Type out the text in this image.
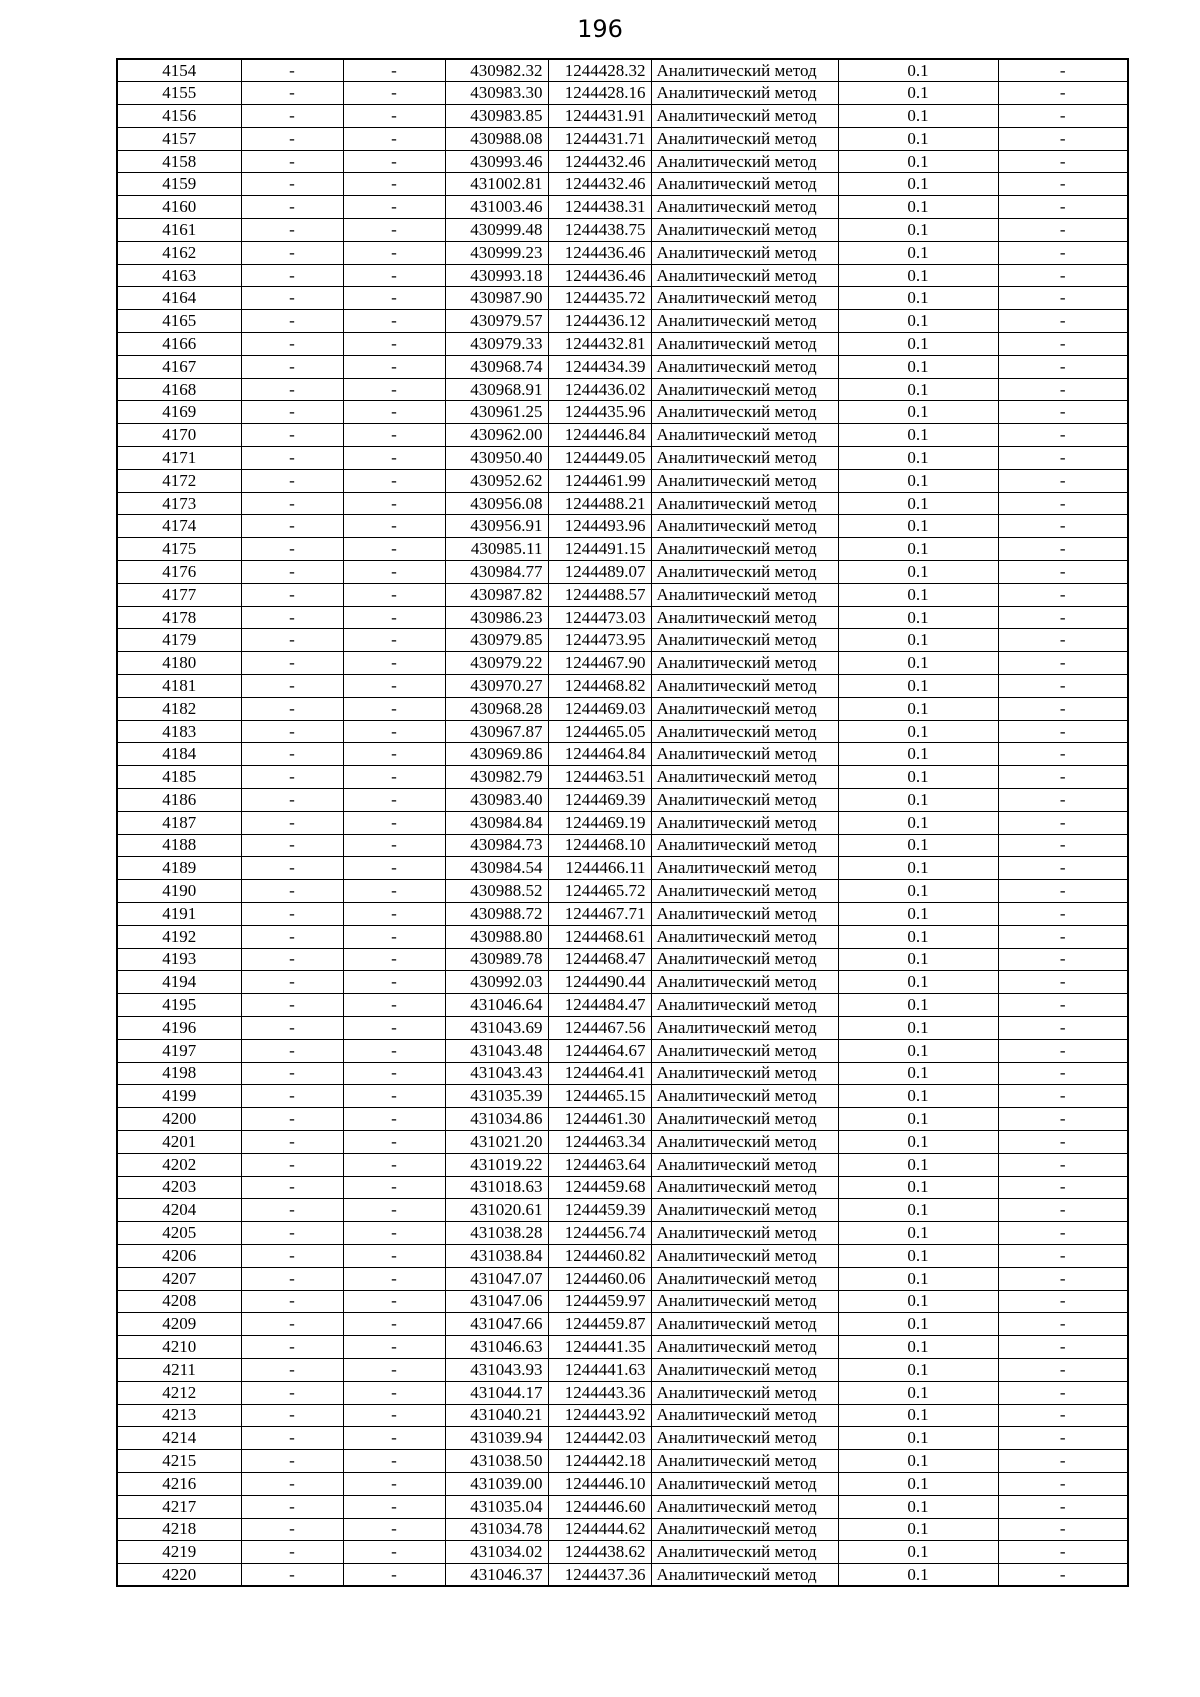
196
4154	-	-	430982.32	1244428.32	Аналитический метод	0.1	-
4155	-	-	430983.30	1244428.16	Аналитический метод	0.1	-
4156	-	-	430983.85	1244431.91	Аналитический метод	0.1	-
4157	-	-	430988.08	1244431.71	Аналитический метод	0.1	-
4158	-	-	430993.46	1244432.46	Аналитический метод	0.1	-
4159	-	-	431002.81	1244432.46	Аналитический метод	0.1	-
4160	-	-	431003.46	1244438.31	Аналитический метод	0.1	-
4161	-	-	430999.48	1244438.75	Аналитический метод	0.1	-
4162	-	-	430999.23	1244436.46	Аналитический метод	0.1	-
4163	-	-	430993.18	1244436.46	Аналитический метод	0.1	-
4164	-	-	430987.90	1244435.72	Аналитический метод	0.1	-
4165	-	-	430979.57	1244436.12	Аналитический метод	0.1	-
4166	-	-	430979.33	1244432.81	Аналитический метод	0.1	-
4167	-	-	430968.74	1244434.39	Аналитический метод	0.1	-
4168	-	-	430968.91	1244436.02	Аналитический метод	0.1	-
4169	-	-	430961.25	1244435.96	Аналитический метод	0.1	-
4170	-	-	430962.00	1244446.84	Аналитический метод	0.1	-
4171	-	-	430950.40	1244449.05	Аналитический метод	0.1	-
4172	-	-	430952.62	1244461.99	Аналитический метод	0.1	-
4173	-	-	430956.08	1244488.21	Аналитический метод	0.1	-
4174	-	-	430956.91	1244493.96	Аналитический метод	0.1	-
4175	-	-	430985.11	1244491.15	Аналитический метод	0.1	-
4176	-	-	430984.77	1244489.07	Аналитический метод	0.1	-
4177	-	-	430987.82	1244488.57	Аналитический метод	0.1	-
4178	-	-	430986.23	1244473.03	Аналитический метод	0.1	-
4179	-	-	430979.85	1244473.95	Аналитический метод	0.1	-
4180	-	-	430979.22	1244467.90	Аналитический метод	0.1	-
4181	-	-	430970.27	1244468.82	Аналитический метод	0.1	-
4182	-	-	430968.28	1244469.03	Аналитический метод	0.1	-
4183	-	-	430967.87	1244465.05	Аналитический метод	0.1	-
4184	-	-	430969.86	1244464.84	Аналитический метод	0.1	-
4185	-	-	430982.79	1244463.51	Аналитический метод	0.1	-
4186	-	-	430983.40	1244469.39	Аналитический метод	0.1	-
4187	-	-	430984.84	1244469.19	Аналитический метод	0.1	-
4188	-	-	430984.73	1244468.10	Аналитический метод	0.1	-
4189	-	-	430984.54	1244466.11	Аналитический метод	0.1	-
4190	-	-	430988.52	1244465.72	Аналитический метод	0.1	-
4191	-	-	430988.72	1244467.71	Аналитический метод	0.1	-
4192	-	-	430988.80	1244468.61	Аналитический метод	0.1	-
4193	-	-	430989.78	1244468.47	Аналитический метод	0.1	-
4194	-	-	430992.03	1244490.44	Аналитический метод	0.1	-
4195	-	-	431046.64	1244484.47	Аналитический метод	0.1	-
4196	-	-	431043.69	1244467.56	Аналитический метод	0.1	-
4197	-	-	431043.48	1244464.67	Аналитический метод	0.1	-
4198	-	-	431043.43	1244464.41	Аналитический метод	0.1	-
4199	-	-	431035.39	1244465.15	Аналитический метод	0.1	-
4200	-	-	431034.86	1244461.30	Аналитический метод	0.1	-
4201	-	-	431021.20	1244463.34	Аналитический метод	0.1	-
4202	-	-	431019.22	1244463.64	Аналитический метод	0.1	-
4203	-	-	431018.63	1244459.68	Аналитический метод	0.1	-
4204	-	-	431020.61	1244459.39	Аналитический метод	0.1	-
4205	-	-	431038.28	1244456.74	Аналитический метод	0.1	-
4206	-	-	431038.84	1244460.82	Аналитический метод	0.1	-
4207	-	-	431047.07	1244460.06	Аналитический метод	0.1	-
4208	-	-	431047.06	1244459.97	Аналитический метод	0.1	-
4209	-	-	431047.66	1244459.87	Аналитический метод	0.1	-
4210	-	-	431046.63	1244441.35	Аналитический метод	0.1	-
4211	-	-	431043.93	1244441.63	Аналитический метод	0.1	-
4212	-	-	431044.17	1244443.36	Аналитический метод	0.1	-
4213	-	-	431040.21	1244443.92	Аналитический метод	0.1	-
4214	-	-	431039.94	1244442.03	Аналитический метод	0.1	-
4215	-	-	431038.50	1244442.18	Аналитический метод	0.1	-
4216	-	-	431039.00	1244446.10	Аналитический метод	0.1	-
4217	-	-	431035.04	1244446.60	Аналитический метод	0.1	-
4218	-	-	431034.78	1244444.62	Аналитический метод	0.1	-
4219	-	-	431034.02	1244438.62	Аналитический метод	0.1	-
4220	-	-	431046.37	1244437.36	Аналитический метод	0.1	-
